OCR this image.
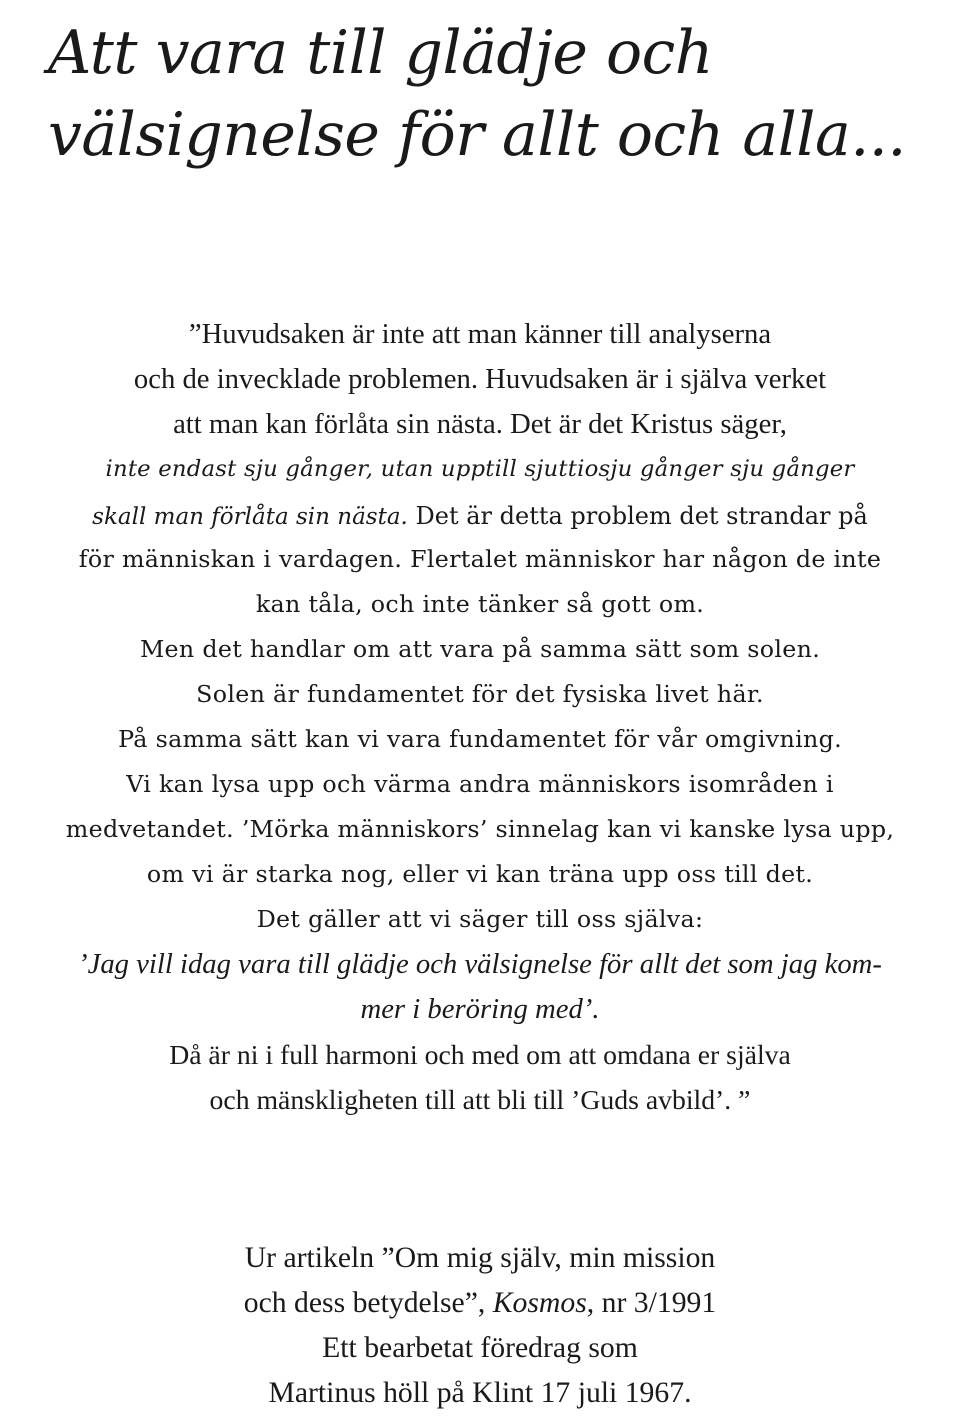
Att vara till glädje och
välsignelse för allt och alla...
”Huvudsaken är inte att man känner till analyserna
och de invecklade problemen. Huvudsaken är i själva verket
att man kan förlåta sin nästa. Det är det Kristus säger,
inte endast sju gånger, utan upptill sjuttiosju gånger sju gånger
skall man förlåta sin nästa. Det är detta problem det strandar på
för människan i vardagen. Flertalet människor har någon de inte
kan tåla, och inte tänker så gott om.
Men det handlar om att vara på samma sätt som solen.
Solen är fundamentet för det fysiska livet här.
På samma sätt kan vi vara fundamentet för vår omgivning.
Vi kan lysa upp och värma andra människors isområden i
medvetandet. ’Mörka människors’ sinnelag kan vi kanske lysa upp,
om vi är starka nog, eller vi kan träna upp oss till det.
Det gäller att vi säger till oss själva:
’Jag vill idag vara till glädje och välsignelse för allt det som jag kom-
mer i beröring med’.
Då är ni i full harmoni och med om att omdana er själva
och mänskligheten till att bli till ’Guds avbild’. ”
Ur artikeln ”Om mig själv, min mission
och dess betydelse”, Kosmos, nr 3/1991
Ett bearbetat föredrag som
Martinus höll på Klint 17 juli 1967.
